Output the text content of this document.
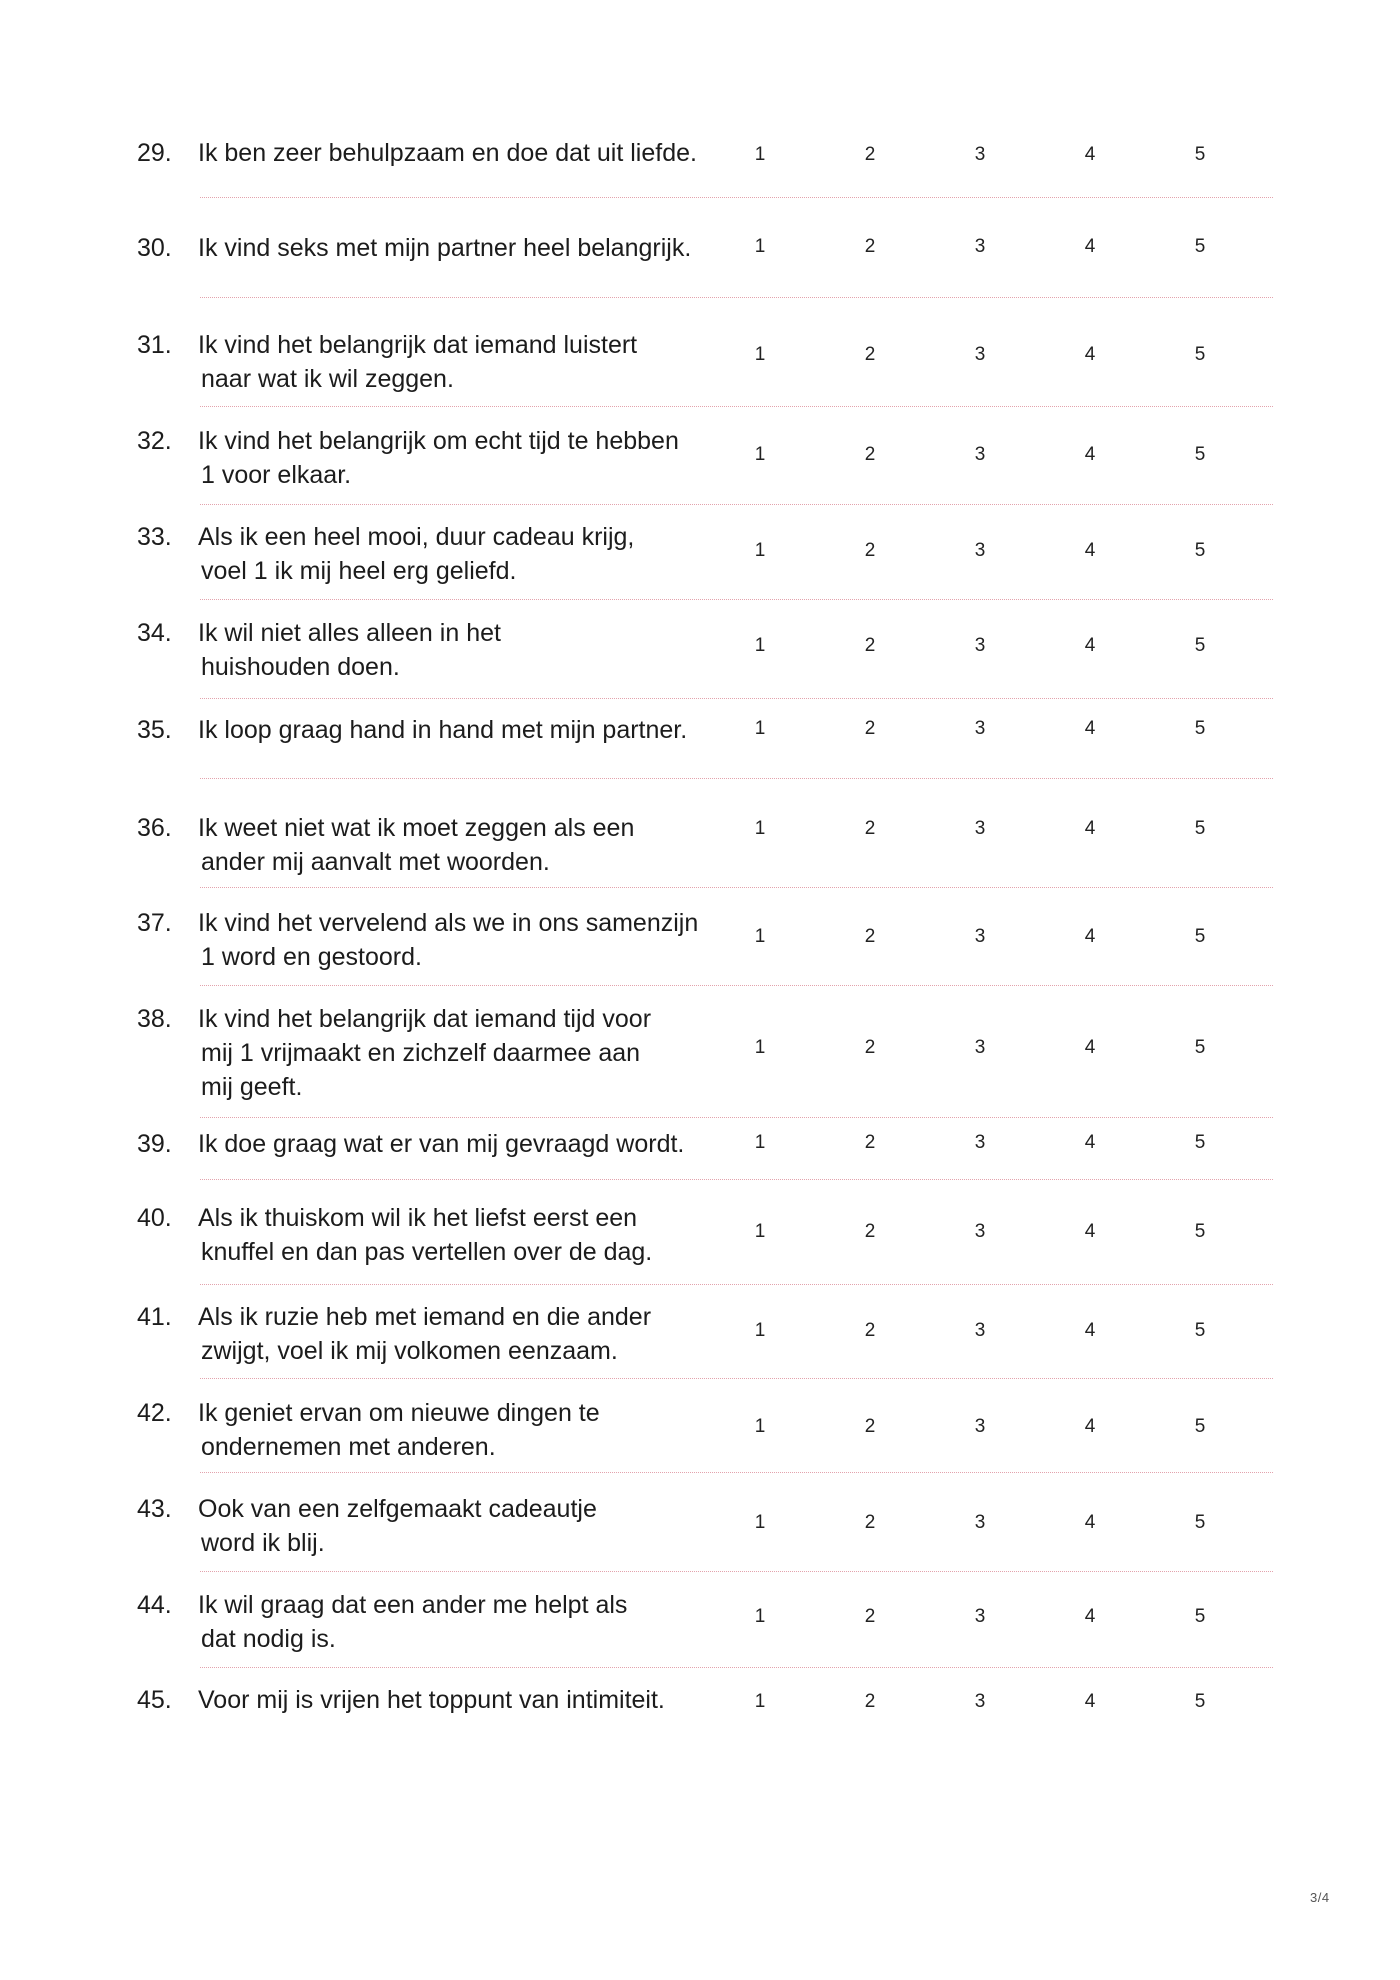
29.	Ik ben zeer behulpzaam en doe dat uit liefde.	1	2	3	4	5
30.	Ik vind seks met mijn partner heel belangrijk.	1	2	3	4	5
31.	Ik vind het belangrijk dat iemand luistert
naar wat ik wil zeggen.
1	2	3	4	5
32.	Ik vind het belangrijk om echt tijd te hebben
1 voor elkaar.
1	2	3	4	5
33.	Als ik een heel mooi, duur cadeau krijg,
voel 1 ik mij heel erg geliefd.
1	2	3	4	5
34.	Ik wil niet alles alleen in het
huishouden doen.
1	2	3	4	5
35.	Ik loop graag hand in hand met mijn partner.	1	2	3	4	5
36.	Ik weet niet wat ik moet zeggen als een
ander mij aanvalt met woorden.
1	2	3	4	5
37.	Ik vind het vervelend als we in ons samenzijn
1 word en gestoord.
1	2	3	4	5
38.	Ik vind het belangrijk dat iemand tijd voor
mij 1 vrijmaakt en zichzelf daarmee aan
mij geeft.
1	2	3	4	5
39.	Ik doe graag wat er van mij gevraagd wordt.	1	2	3	4	5
40.	Als ik thuiskom wil ik het liefst eerst een
knuffel en dan pas vertellen over de dag.
1	2	3	4	5
41.	Als ik ruzie heb met iemand en die ander
zwijgt, voel ik mij volkomen eenzaam.
1	2	3	4	5
42.	Ik geniet ervan om nieuwe dingen te
ondernemen met anderen.
1	2	3	4	5
43.	Ook van een zelfgemaakt cadeautje
word ik blij.
1	2	3	4	5
44.	Ik wil graag dat een ander me helpt als
dat nodig is.
1	2	3	4	5
45.	Voor mij is vrijen het toppunt van intimiteit.	1	2	3	4	5
3/4
